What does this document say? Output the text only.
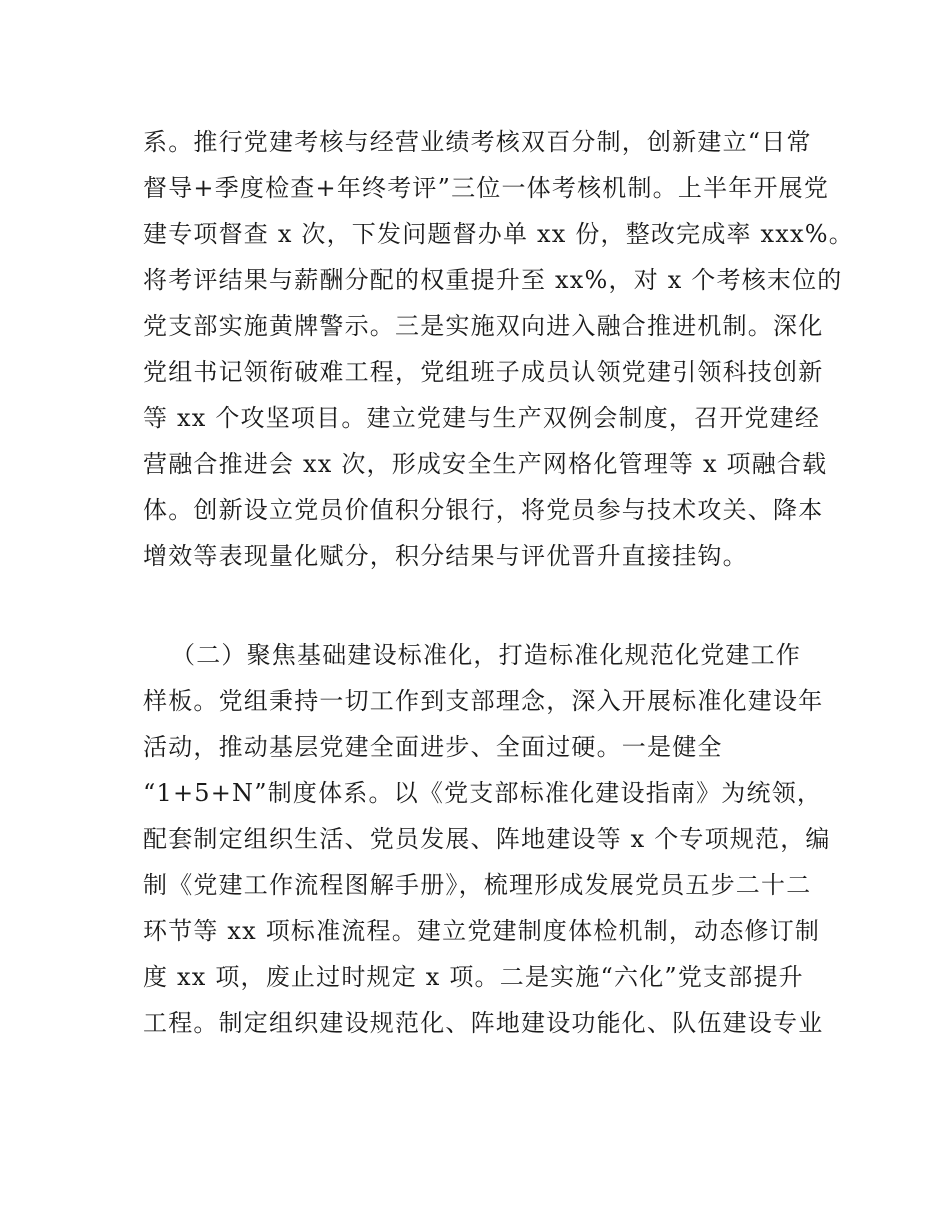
系。推行党建考核与经营业绩考核双百分制，创新建立“日常
督导+季度检查+年终考评”三位一体考核机制。上半年开展党
建专项督查 x 次，下发问题督办单 xx 份，整改完成率 xxx%。
将考评结果与薪酬分配的权重提升至 xx%，对 x 个考核末位的
党支部实施黄牌警示。三是实施双向进入融合推进机制。深化
党组书记领衔破难工程，党组班子成员认领党建引领科技创新
等 xx 个攻坚项目。建立党建与生产双例会制度，召开党建经
营融合推进会 xx 次，形成安全生产网格化管理等 x 项融合载
体。创新设立党员价值积分银行，将党员参与技术攻关、降本
增效等表现量化赋分，积分结果与评优晋升直接挂钩。
（二）聚焦基础建设标准化，打造标准化规范化党建工作
样板。党组秉持一切工作到支部理念，深入开展标准化建设年
活动，推动基层党建全面进步、全面过硬。一是健全
“1+5+N”制度体系。以《党支部标准化建设指南》为统领，
配套制定组织生活、党员发展、阵地建设等 x 个专项规范，编
制《党建工作流程图解手册》，梳理形成发展党员五步二十二
环节等 xx 项标准流程。建立党建制度体检机制，动态修订制
度 xx 项，废止过时规定 x 项。二是实施“六化”党支部提升
工程。制定组织建设规范化、阵地建设功能化、队伍建设专业
